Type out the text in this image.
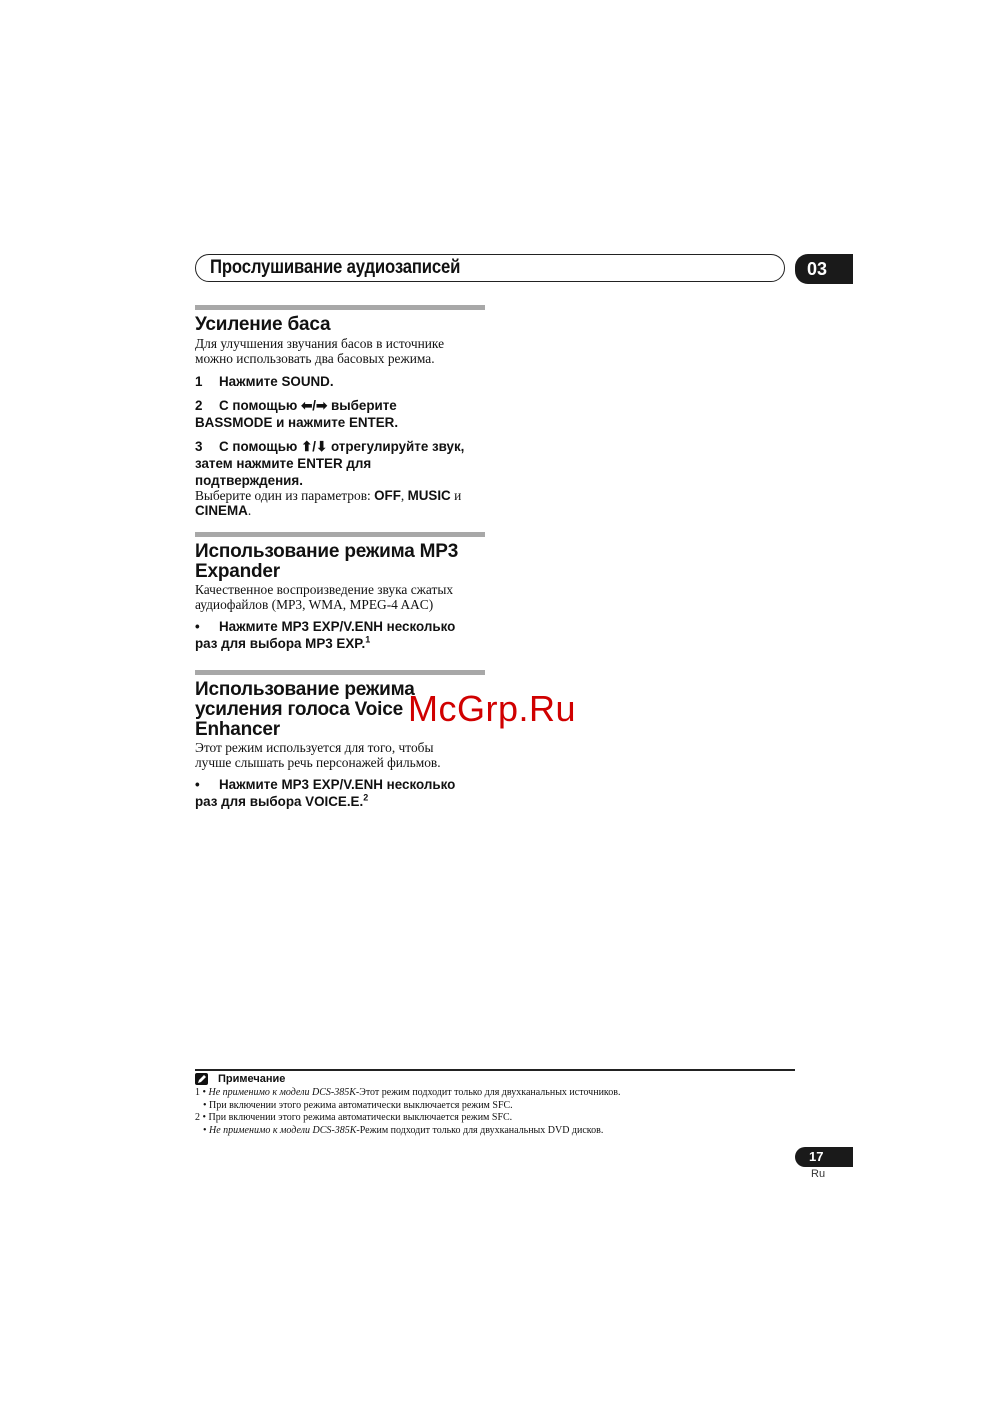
Прослушивание аудиозаписей	03
Усиление баса

Для улучшения звучания басов в источнике
можно использовать два басовых режима.

1 Нажмите SOUND.

2 С помощью ⬅/➡ выберите
BASSMODE и нажмите ENTER.

3 С помощью ⬆/⬇ отрегулируйте звук,
затем нажмите ENTER для
подтверждения.

Выберите один из параметров: OFF, MUSIC и
CINEMA.

Использование режима MP3
Expander

Качественное воспроизведение звука сжатых
аудиофайлов (MP3, WMA, MPEG-4 AAC)

• Нажмите MP3 EXP/V.ENH несколько
раз для выбора MP3 EXP.$^1$

Использование режима
усиления голоса Voice
Enhancer

Этот режим используется для того, чтобы
лучше слышать речь персонажей фильмов.

• Нажмите MP3 EXP/V.ENH несколько
раз для выбора VOICE.E.$^2$

McGrp.Ru
Примечание
1 • Не применимо к модели DCS-385K-Этот режим подходит только для двухканальных источников.
• При включении этого режима автоматически выключается режим SFC.
2 • При включении этого режима автоматически выключается режим SFC.
• Не применимо к модели DCS-385K-Режим подходит только для двухканальных DVD дисков.
17
Ru
